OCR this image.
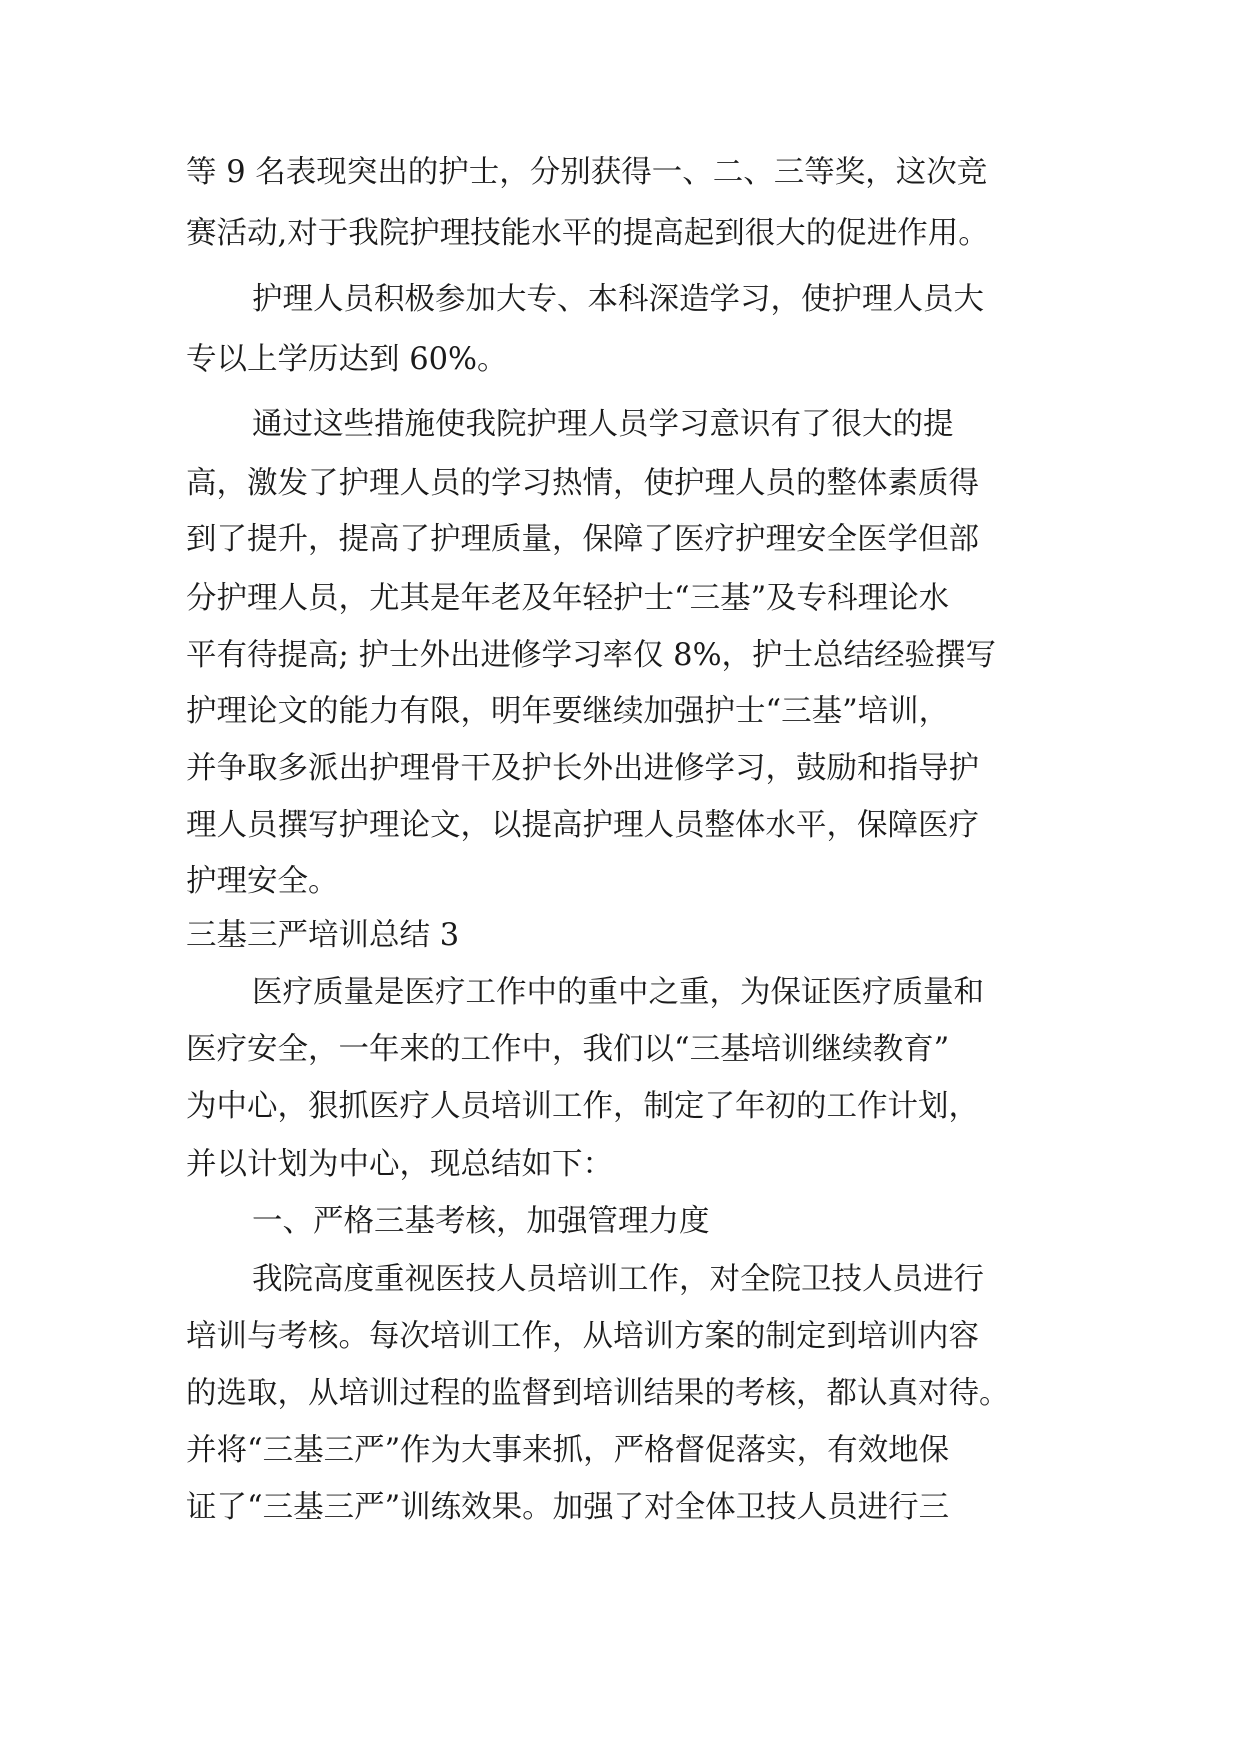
等 9 名表现突出的护士，分别获得一、二、三等奖，这次竞

赛活动,对于我院护理技能水平的提高起到很大的促进作用。

护理人员积极参加大专、本科深造学习，使护理人员大

专以上学历达到 60%。

通过这些措施使我院护理人员学习意识有了很大的提

高，激发了护理人员的学习热情，使护理人员的整体素质得

到了提升，提高了护理质量，保障了医疗护理安全医学但部

分护理人员，尤其是年老及年轻护士“三基”及专科理论水

平有待提高; 护士外出进修学习率仅 8%，护士总结经验撰写

护理论文的能力有限，明年要继续加强护士“三基”培训，

并争取多派出护理骨干及护长外出进修学习，鼓励和指导护

理人员撰写护理论文，以提高护理人员整体水平，保障医疗

护理安全。

三基三严培训总结 3

医疗质量是医疗工作中的重中之重，为保证医疗质量和

医疗安全，一年来的工作中，我们以“三基培训继续教育”

为中心，狠抓医疗人员培训工作，制定了年初的工作计划，

并以计划为中心，现总结如下：

一、严格三基考核，加强管理力度

我院高度重视医技人员培训工作，对全院卫技人员进行

培训与考核。每次培训工作，从培训方案的制定到培训内容

的选取，从培训过程的监督到培训结果的考核，都认真对待。

并将“三基三严”作为大事来抓，严格督促落实，有效地保

证了“三基三严”训练效果。加强了对全体卫技人员进行三
